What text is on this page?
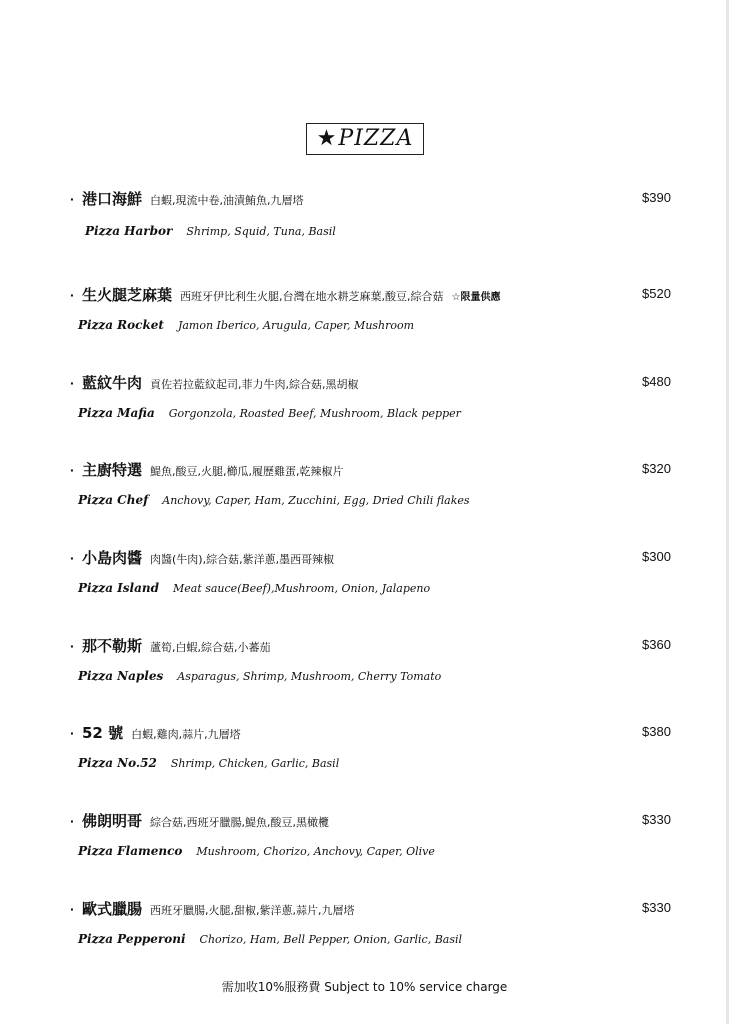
★ PIZZA
· 港口海鮮 白蝦,現流中卷,油漬鮪魚,九層塔	$390
Pizza Harbor Shrimp, Squid, Tuna, Basil
· 生火腿芝麻葉 西班牙伊比利生火腿,台灣在地水耕芝麻葉,酸豆,綜合菇 ☆限量供應	$520
Pizza Rocket Jamon Iberico, Arugula, Caper, Mushroom
· 藍紋牛肉 貢佐若拉藍紋起司,菲力牛肉,綜合菇,黑胡椒	$480
Pizza Mafia Gorgonzola, Roasted Beef, Mushroom, Black pepper
· 主廚特選 鯷魚,酸豆,火腿,櫛瓜,履歷雞蛋,乾辣椒片	$320
Pizza Chef Anchovy, Caper, Ham, Zucchini, Egg, Dried Chili flakes
· 小島肉醬 肉醬(牛肉),綜合菇,紫洋蔥,墨西哥辣椒	$300
Pizza Island Meat sauce(Beef),Mushroom, Onion, Jalapeno
· 那不勒斯 蘆筍,白蝦,綜合菇,小蕃茄	$360
Pizza Naples Asparagus, Shrimp, Mushroom, Cherry Tomato
· 52 號 白蝦,雞肉,蒜片,九層塔	$380
Pizza No.52 Shrimp, Chicken, Garlic, Basil
· 佛朗明哥 綜合菇,西班牙臘腸,鯷魚,酸豆,黑橄欖	$330
Pizza Flamenco Mushroom, Chorizo, Anchovy, Caper, Olive
· 歐式臘腸 西班牙臘腸,火腿,甜椒,紫洋蔥,蒜片,九層塔	$330
Pizza Pepperoni Chorizo, Ham, Bell Pepper, Onion, Garlic, Basil
需加收10%服務費 Subject to 10% service charge
